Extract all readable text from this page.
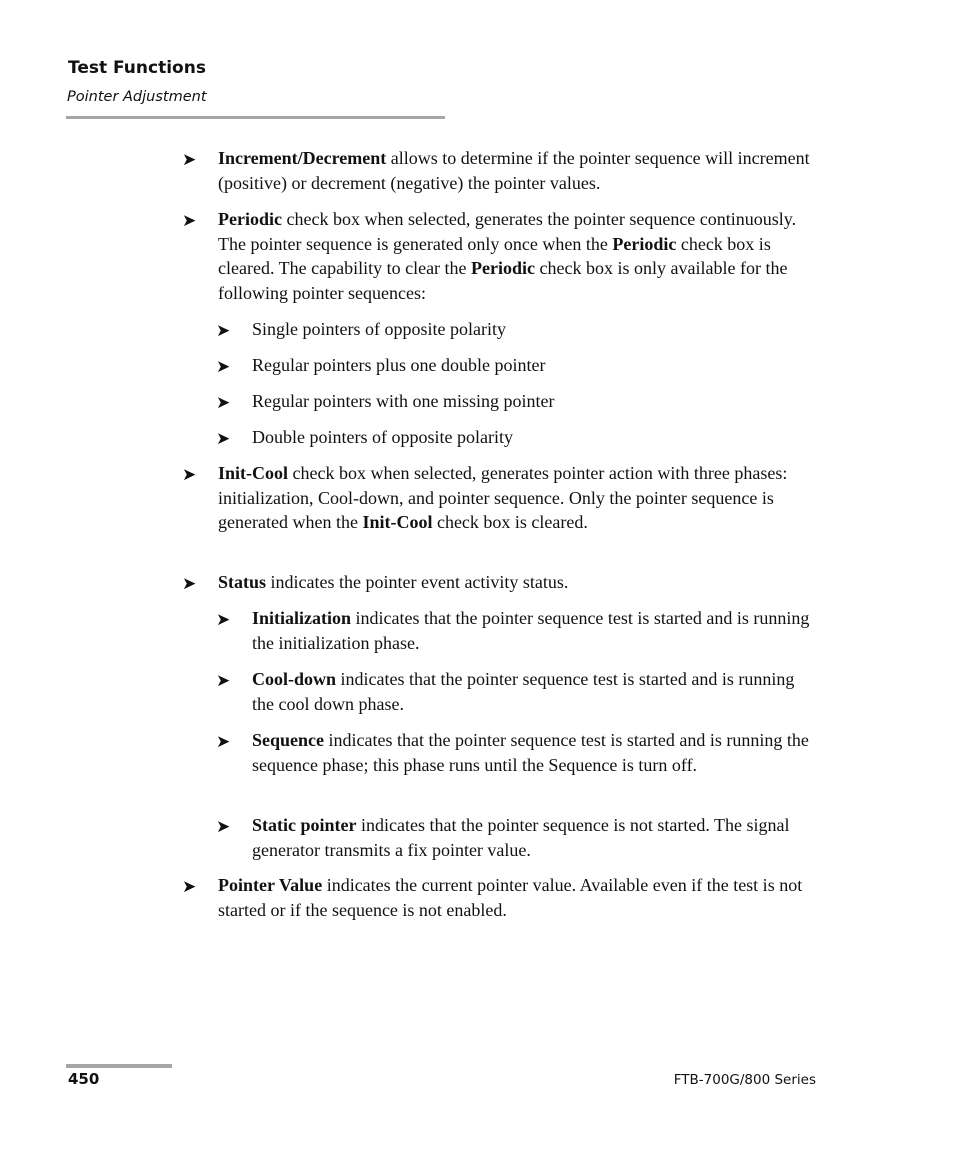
Test Functions
Pointer Adjustment
➤ Increment/Decrement allows to determine if the pointer sequence will increment (positive) or decrement (negative) the pointer values.
➤ Periodic check box when selected, generates the pointer sequence continuously. The pointer sequence is generated only once when the Periodic check box is cleared. The capability to clear the Periodic check box is only available for the following pointer sequences:
➤ Single pointers of opposite polarity
➤ Regular pointers plus one double pointer
➤ Regular pointers with one missing pointer
➤ Double pointers of opposite polarity
➤ Init-Cool check box when selected, generates pointer action with three phases: initialization, Cool-down, and pointer sequence. Only the pointer sequence is generated when the Init-Cool check box is cleared.
➤ Status indicates the pointer event activity status.
➤ Initialization indicates that the pointer sequence test is started and is running the initialization phase.
➤ Cool-down indicates that the pointer sequence test is started and is running the cool down phase.
➤ Sequence indicates that the pointer sequence test is started and is running the sequence phase; this phase runs until the Sequence is turn off.
➤ Static pointer indicates that the pointer sequence is not started. The signal generator transmits a fix pointer value.
➤ Pointer Value indicates the current pointer value. Available even if the test is not started or if the sequence is not enabled.
450	FTB-700G/800 Series
